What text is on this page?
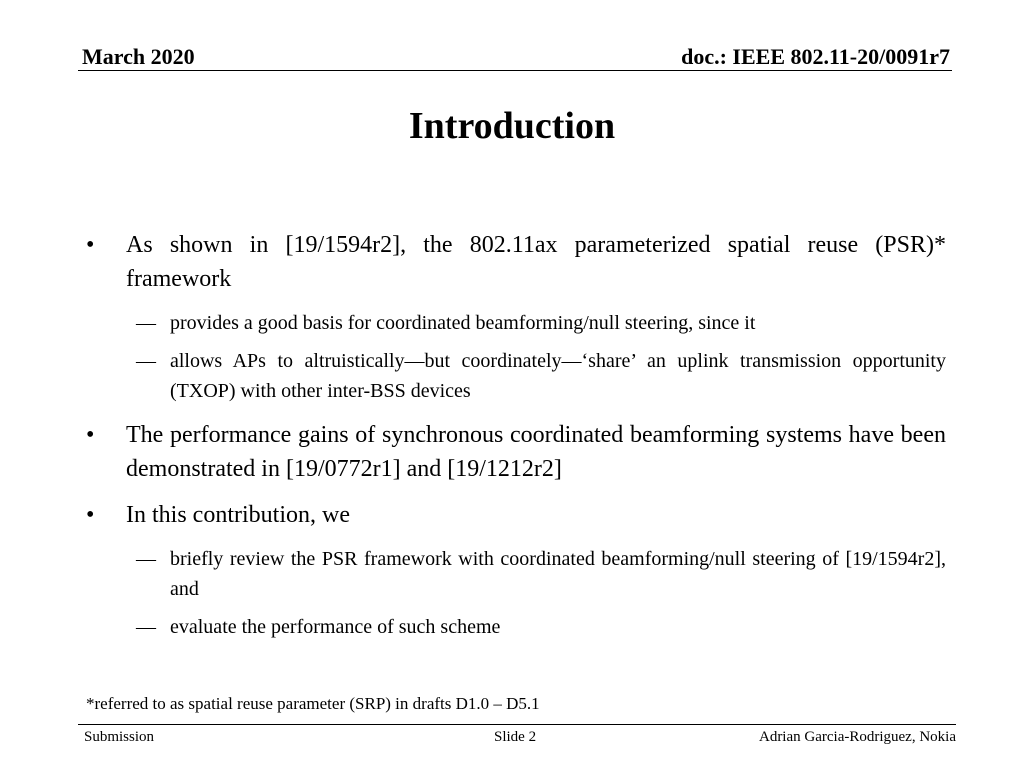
March 2020	doc.: IEEE 802.11-20/0091r7
Introduction
• As shown in [19/1594r2], the 802.11ax parameterized spatial reuse (PSR)* framework
— provides a good basis for coordinated beamforming/null steering, since it
— allows APs to altruistically—but coordinately—‘share’ an uplink transmission opportunity (TXOP) with other inter-BSS devices
• The performance gains of synchronous coordinated beamforming systems have been demonstrated in [19/0772r1] and [19/1212r2]
• In this contribution, we
— briefly review the PSR framework with coordinated beamforming/null steering of [19/1594r2], and
— evaluate the performance of such scheme
*referred to as spatial reuse parameter (SRP) in drafts D1.0 – D5.1
Submission	Slide 2	Adrian Garcia-Rodriguez, Nokia
